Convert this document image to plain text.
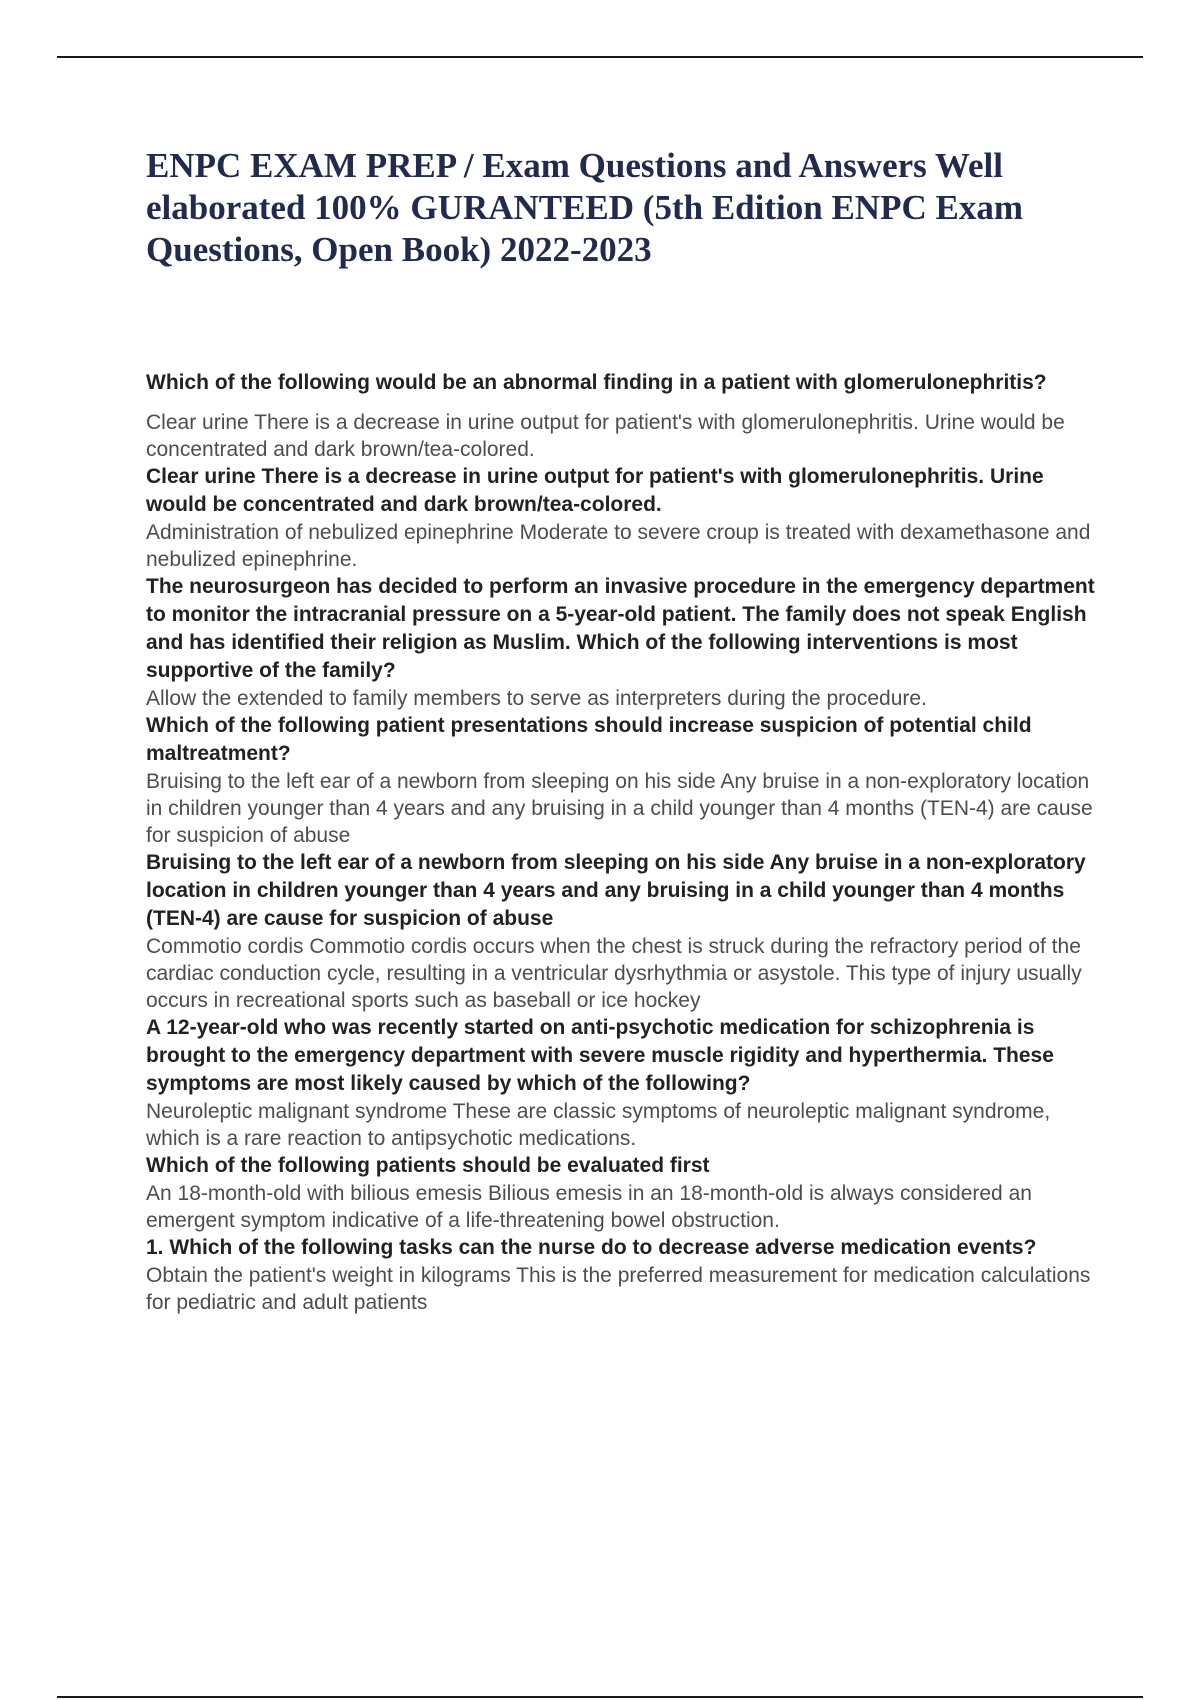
ENPC EXAM PREP / Exam Questions and Answers Well elaborated 100% GURANTEED (5th Edition ENPC Exam Questions, Open Book) 2022-2023

Which of the following would be an abnormal finding in a patient with glomerulonephritis?

Clear urine There is a decrease in urine output for patient's with glomerulonephritis. Urine would be concentrated and dark brown/tea-colored.

Clear urine There is a decrease in urine output for patient's with glomerulonephritis. Urine would be concentrated and dark brown/tea-colored.

Administration of nebulized epinephrine Moderate to severe croup is treated with dexamethasone and nebulized epinephrine.

The neurosurgeon has decided to perform an invasive procedure in the emergency department to monitor the intracranial pressure on a 5-year-old patient. The family does not speak English and has identified their religion as Muslim. Which of the following interventions is most supportive of the family?

Allow the extended to family members to serve as interpreters during the procedure.

Which of the following patient presentations should increase suspicion of potential child maltreatment?

Bruising to the left ear of a newborn from sleeping on his side Any bruise in a non-exploratory location in children younger than 4 years and any bruising in a child younger than 4 months (TEN-4) are cause for suspicion of abuse

Bruising to the left ear of a newborn from sleeping on his side Any bruise in a non-exploratory location in children younger than 4 years and any bruising in a child younger than 4 months (TEN-4) are cause for suspicion of abuse

Commotio cordis Commotio cordis occurs when the chest is struck during the refractory period of the cardiac conduction cycle, resulting in a ventricular dysrhythmia or asystole. This type of injury usually occurs in recreational sports such as baseball or ice hockey

A 12-year-old who was recently started on anti-psychotic medication for schizophrenia is brought to the emergency department with severe muscle rigidity and hyperthermia. These symptoms are most likely caused by which of the following?

Neuroleptic malignant syndrome These are classic symptoms of neuroleptic malignant syndrome, which is a rare reaction to antipsychotic medications.

Which of the following patients should be evaluated first

An 18-month-old with bilious emesis Bilious emesis in an 18-month-old is always considered an emergent symptom indicative of a life-threatening bowel obstruction.

1. Which of the following tasks can the nurse do to decrease adverse medication events?

Obtain the patient's weight in kilograms This is the preferred measurement for medication calculations for pediatric and adult patients
